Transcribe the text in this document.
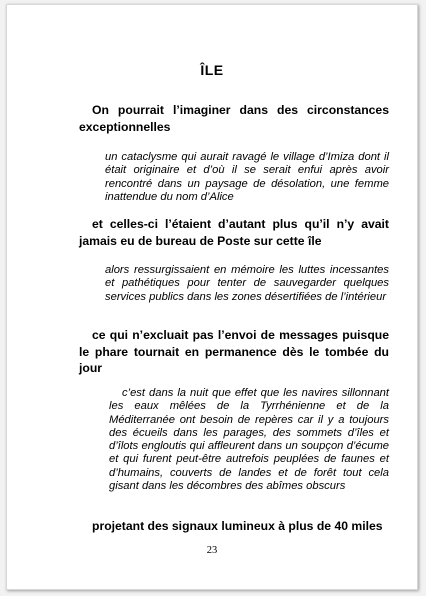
ÎLE
On pourrait l’imaginer dans des circonstances exceptionnelles
un cataclysme qui aurait ravagé le village d’Imiza dont il était originaire et d’où il se serait enfui après avoir rencontré dans un paysage de désolation, une femme inattendue du nom d’Alice
et celles-ci l’étaient d’autant plus qu’il n’y avait jamais eu de bureau de Poste sur cette île
alors ressurgissaient en mémoire les luttes incessantes et pathétiques pour tenter de sauvegarder quelques services publics dans les zones désertifiées de l’intérieur
ce qui n’excluait pas l’envoi de messages puisque le phare tournait en permanence dès le tombée du jour
c’est dans la nuit que effet que les navires sillonnant les eaux mêlées de la Tyrrhénienne et de la Méditerranée ont besoin de repères car il y a toujours des écueils dans les parages, des sommets d’îles et d’îlots engloutis qui affleurent dans un soupçon d’écume et qui furent peut-être autrefois peuplées de faunes et d’humains, couverts de landes et de forêt tout cela gisant dans les décombres des abîmes obscurs
projetant des signaux lumineux à plus de 40 miles
23
